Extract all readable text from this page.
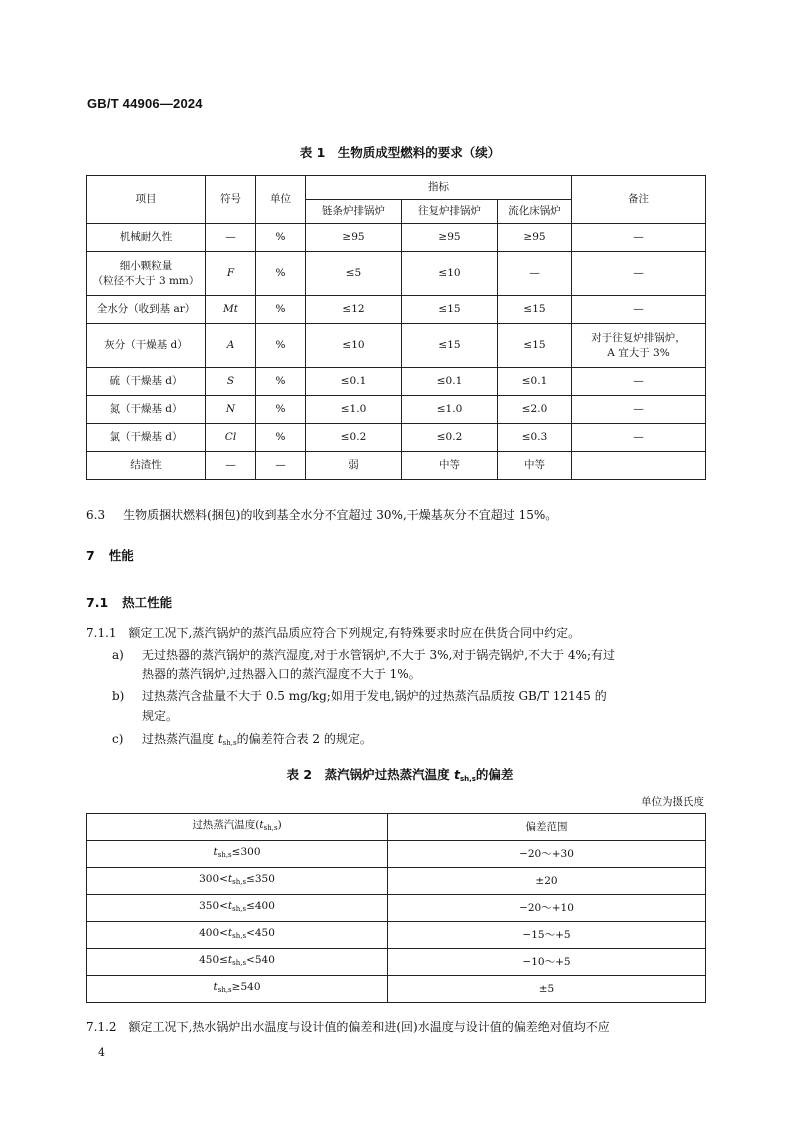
GB/T 44906—2024
表 1　生物质成型燃料的要求（续）
项目	符号	单位	指标			备注
			链条炉排锅炉	往复炉排锅炉	流化床锅炉	
机械耐久性	—	%	≥95	≥95	≥95	—
细小颗粒量
（粒径不大于 3 mm）	F	%	≤5	≤10	—	—
全水分（收到基 ar）	Mt	%	≤12	≤15	≤15	—
灰分（干燥基 d）	A	%	≤10	≤15	≤15	对于往复炉排锅炉，
A 宜大于 3%
硫（干燥基 d）	S	%	≤0.1	≤0.1	≤0.1	—
氮（干燥基 d）	N	%	≤1.0	≤1.0	≤2.0	—
氯（干燥基 d）	Cl	%	≤0.2	≤0.2	≤0.3	—
结渣性	—	—	弱	中等	中等	
6.3 生物质捆状燃料(捆包)的收到基全水分不宜超过 30%,干燥基灰分不宜超过 15%。
7 性能
7.1 热工性能
7.1.1 额定工况下,蒸汽锅炉的蒸汽品质应符合下列规定,有特殊要求时应在供货合同中约定。
a) 无过热器的蒸汽锅炉的蒸汽湿度,对于水管锅炉,不大于 3%,对于锅壳锅炉,不大于 4%;有过
热器的蒸汽锅炉,过热器入口的蒸汽湿度不大于 1%。
b) 过热蒸汽含盐量不大于 0.5 mg/kg;如用于发电,锅炉的过热蒸汽品质按 GB/T 12145 的
规定。
c) 过热蒸汽温度 $t_{sh,s}$的偏差符合表 2 的规定。
表 2　蒸汽锅炉过热蒸汽温度 $t_{sh,s}$的偏差
单位为摄氏度
过热蒸汽温度$(t_{sh,s})$	偏差范围
$t_{sh,s}\le 300$	−20～+30
$300<t_{sh,s}\le 350$	±20
$350<t_{sh,s}\le 400$	−20～+10
$400<t_{sh,s}<450$	−15～+5
$450\le t_{sh,s}<540$	−10～+5
$t_{sh,s}\ge 540$	±5
7.1.2 额定工况下,热水锅炉出水温度与设计值的偏差和进(回)水温度与设计值的偏差绝对值均不应
4
